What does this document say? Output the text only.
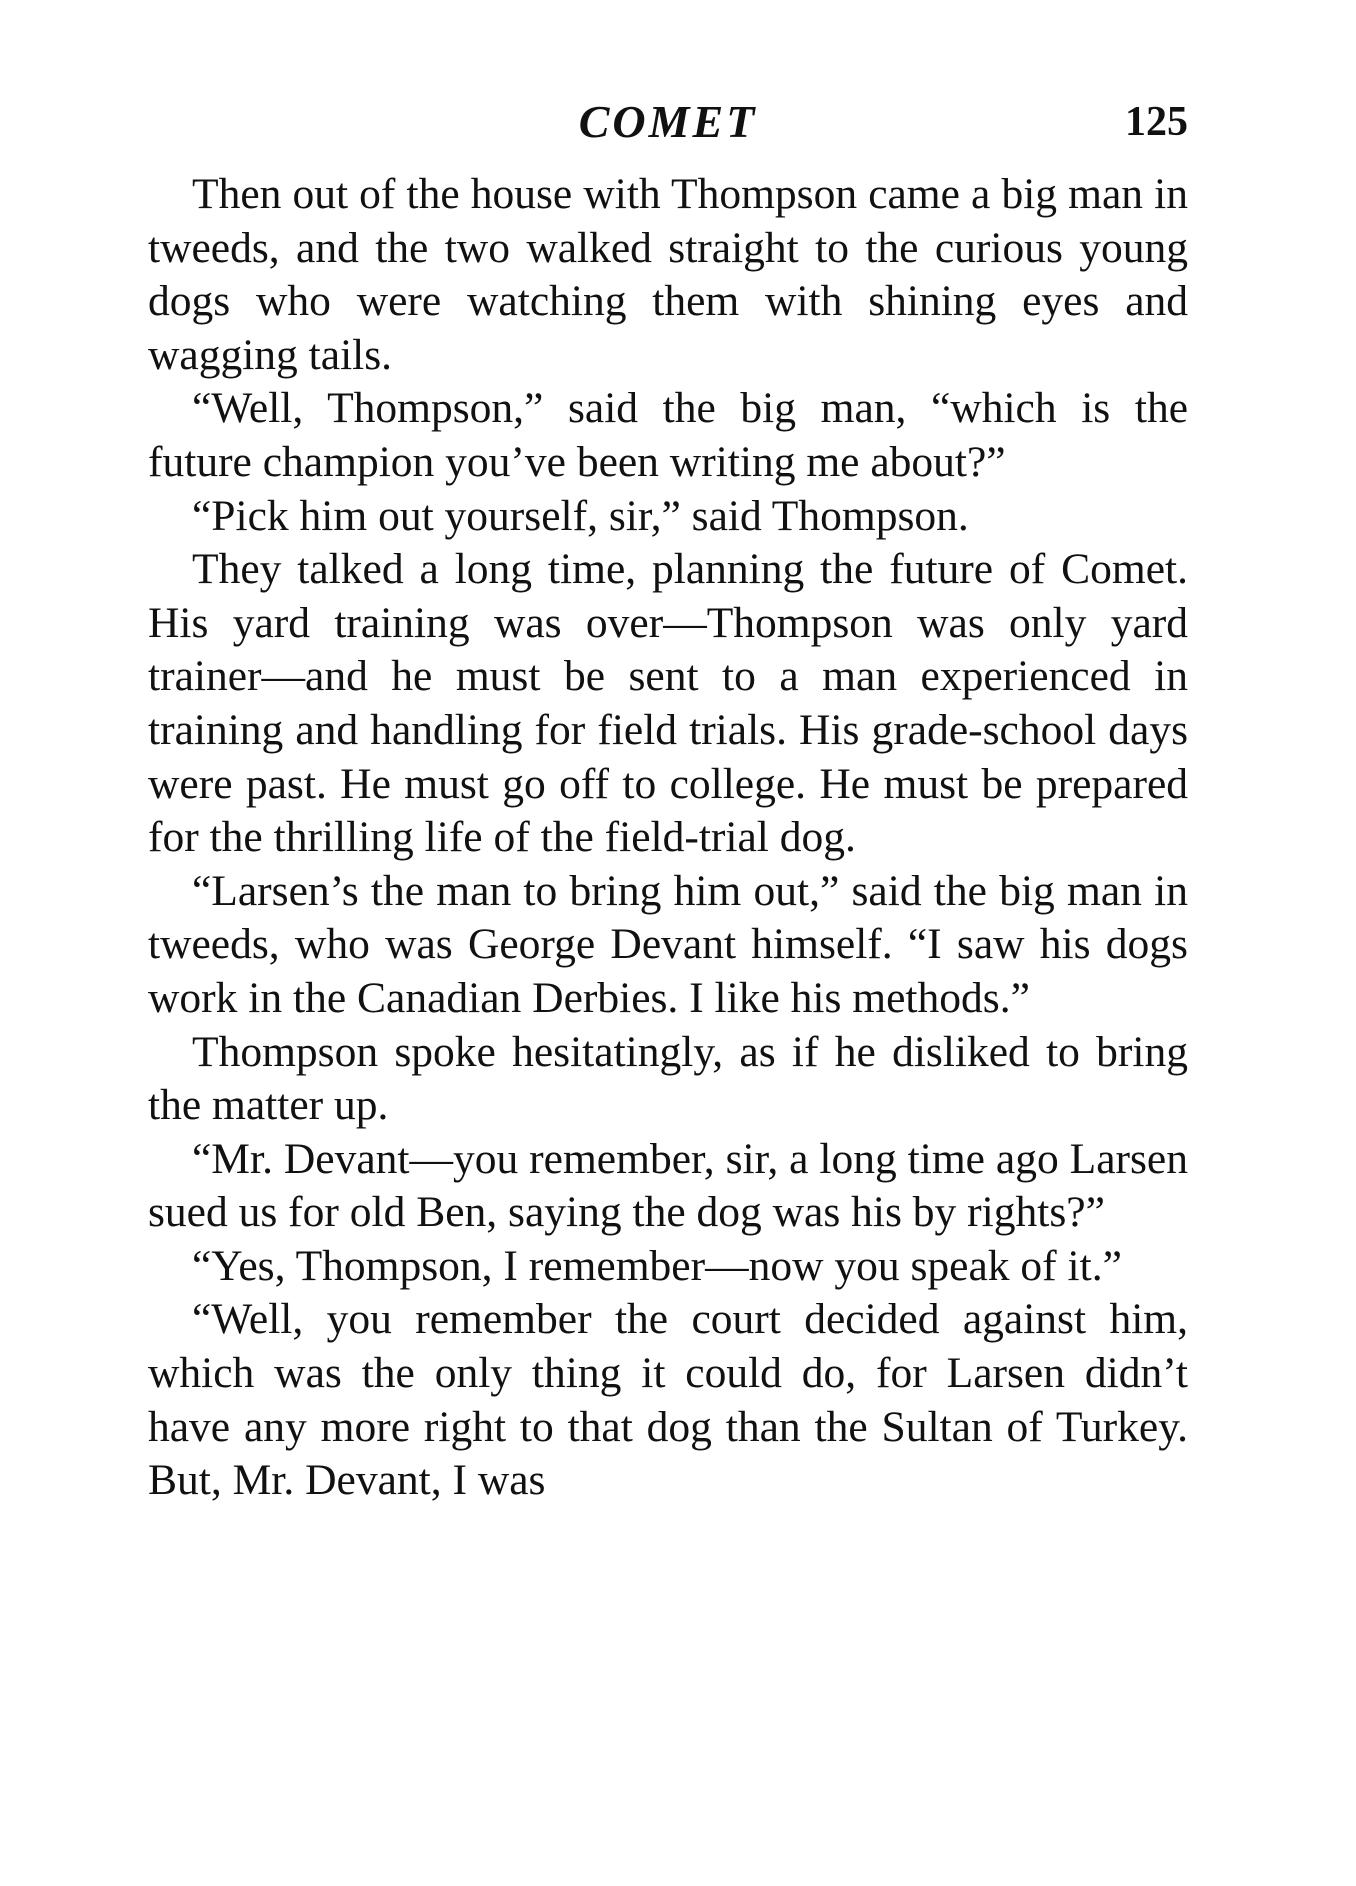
COMET	125

Then out of the house with Thompson came a big man in tweeds, and the two walked straight to the curious young dogs who were watching them with shining eyes and wagging tails.

“Well, Thompson,” said the big man, “which is the future champion you’ve been writing me about?”

“Pick him out yourself, sir,” said Thompson.

They talked a long time, planning the future of Comet. His yard training was over—Thompson was only yard trainer—and he must be sent to a man experienced in training and handling for field trials. His grade-school days were past. He must go off to college. He must be prepared for the thrilling life of the field-trial dog.

“Larsen’s the man to bring him out,” said the big man in tweeds, who was George Devant himself. “I saw his dogs work in the Canadian Derbies. I like his methods.”

Thompson spoke hesitatingly, as if he disliked to bring the matter up.

“Mr. Devant—you remember, sir, a long time ago Larsen sued us for old Ben, saying the dog was his by rights?”

“Yes, Thompson, I remember—now you speak of it.”

“Well, you remember the court decided against him, which was the only thing it could do, for Larsen didn’t have any more right to that dog than the Sultan of Turkey. But, Mr. Devant, I was
